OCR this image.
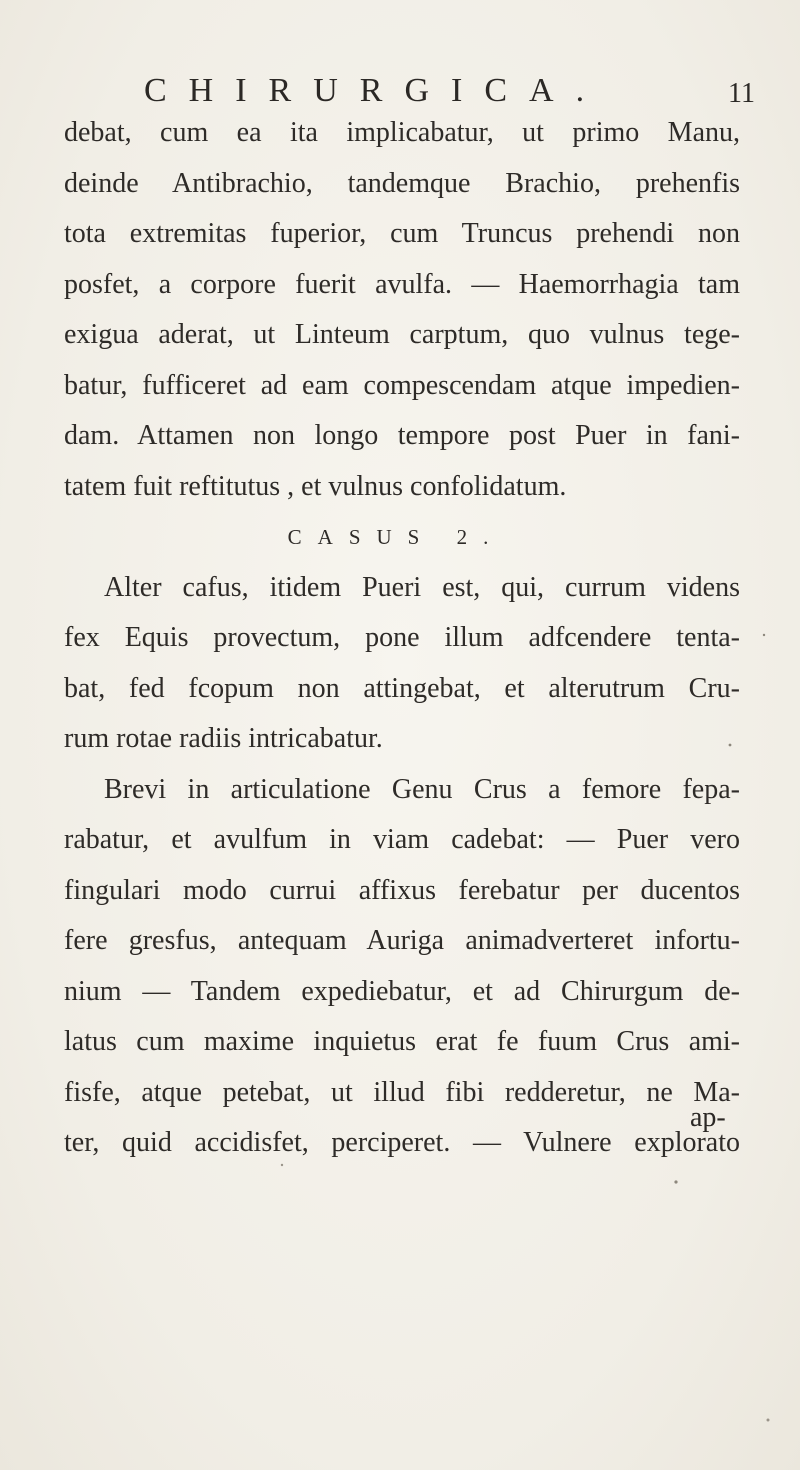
CHIRURGICA.	11
debat, cum ea ita implicabatur, ut primo Manu,
deinde Antibrachio, tandemque Brachio, prehenfis
tota extremitas fuperior, cum Truncus prehendi non
posfet, a corpore fuerit avulfa. — Haemorrhagia tam
exigua aderat, ut Linteum carptum, quo vulnus tege-
batur, fufficeret ad eam compescendam atque impedien-
dam. Attamen non longo tempore post Puer in fani-
tatem fuit reftitutus , et vulnus confolidatum.
CASUS 2.
Alter cafus, itidem Pueri est, qui, currum videns
fex Equis provectum, pone illum adfcendere tenta-
bat, fed fcopum non attingebat, et alterutrum Cru-
rum rotae radiis intricabatur.
Brevi in articulatione Genu Crus a femore fepa-
rabatur, et avulfum in viam cadebat: — Puer vero
fingulari modo currui affixus ferebatur per ducentos
fere gresfus, antequam Auriga animadverteret infortu-
nium — Tandem expediebatur, et ad Chirurgum de-
latus cum maxime inquietus erat fe fuum Crus ami-
fisfe, atque petebat, ut illud fibi redderetur, ne Ma-
ter, quid accidisfet, perciperet. — Vulnere explorato
ap-
